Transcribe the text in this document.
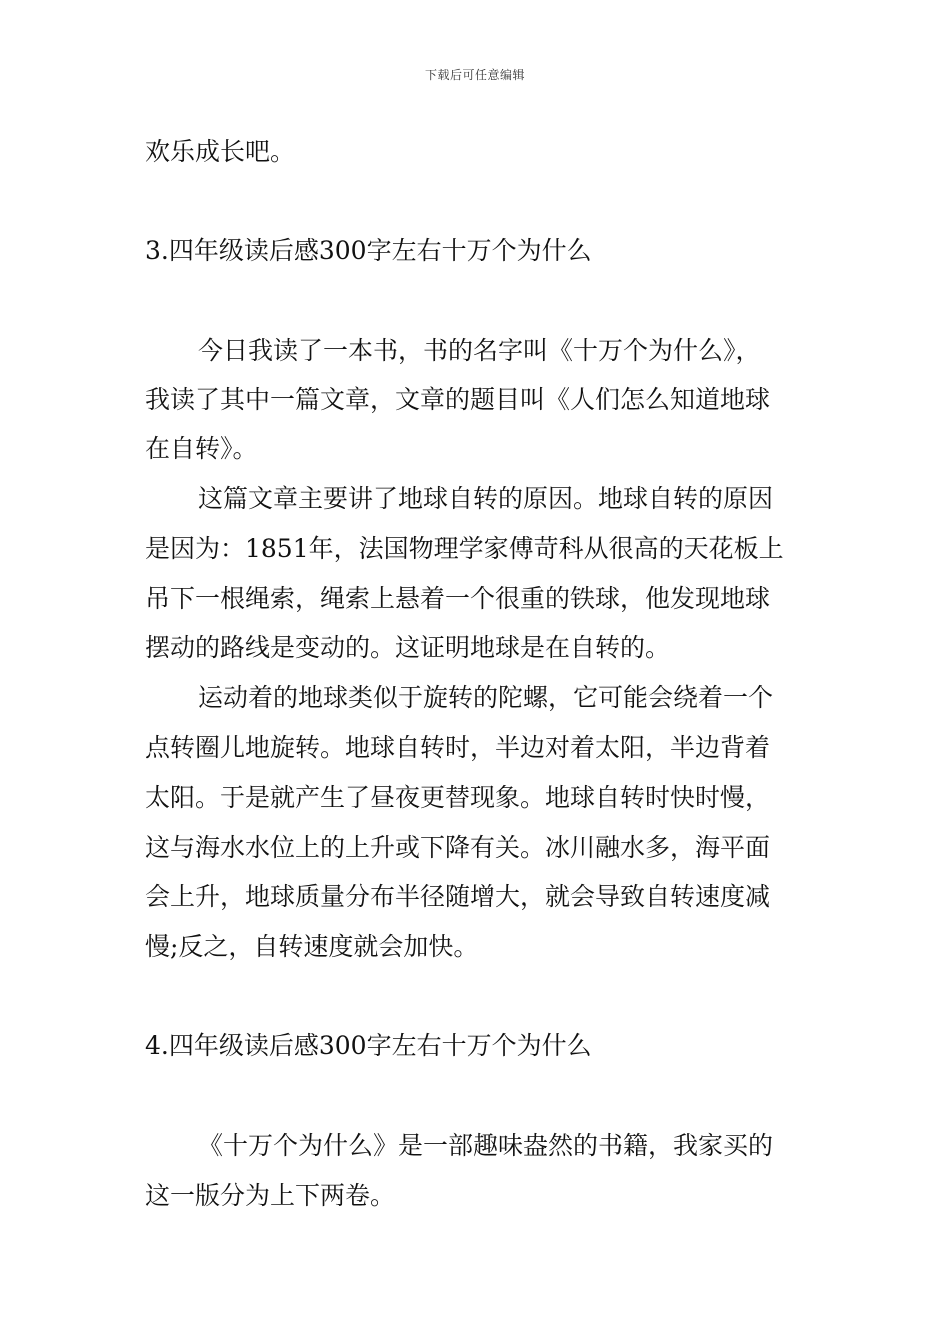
下载后可任意编辑
欢乐成长吧。
3.四年级读后感300字左右十万个为什么
今日我读了一本书，书的名字叫《十万个为什么》，
我读了其中一篇文章，文章的题目叫《人们怎么知道地球
在自转》。
这篇文章主要讲了地球自转的原因。地球自转的原因
是因为：1851年，法国物理学家傅苛科从很高的天花板上
吊下一根绳索，绳索上悬着一个很重的铁球，他发现地球
摆动的路线是变动的。这证明地球是在自转的。
运动着的地球类似于旋转的陀螺，它可能会绕着一个
点转圈儿地旋转。地球自转时，半边对着太阳，半边背着
太阳。于是就产生了昼夜更替现象。地球自转时快时慢，
这与海水水位上的上升或下降有关。冰川融水多，海平面
会上升，地球质量分布半径随增大，就会导致自转速度减
慢;反之，自转速度就会加快。
4.四年级读后感300字左右十万个为什么
《十万个为什么》是一部趣味盎然的书籍，我家买的
这一版分为上下两卷。
